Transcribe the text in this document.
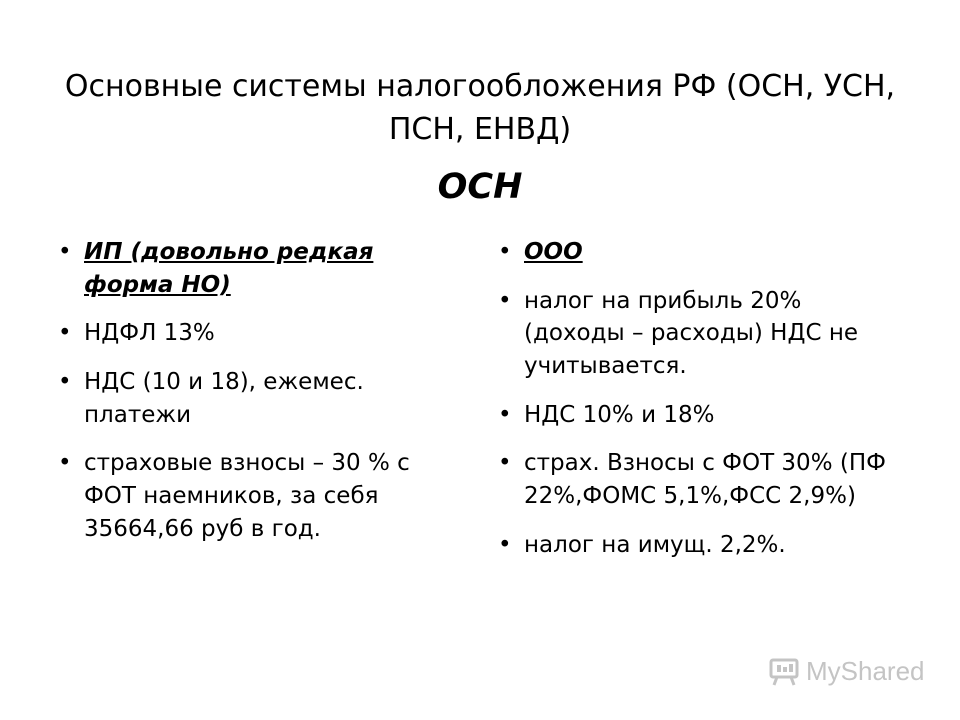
Основные системы налогообложения РФ (ОСН, УСН,
ПСН, ЕНВД)
ОСН
• ИП (довольно редкая форма НО)
• НДФЛ 13%
• НДС (10 и 18), ежемес. платежи
• страховые взносы – 30 % с ФОТ наемников, за себя 35664,66 руб в год.
• ООО
• налог на прибыль 20% (доходы – расходы) НДС не учитывается.
• НДС 10% и 18%
• страх. Взносы с ФОТ 30% (ПФ 22%,ФОМС 5,1%,ФСС 2,9%)
• налог на имущ. 2,2%.
MyShared
